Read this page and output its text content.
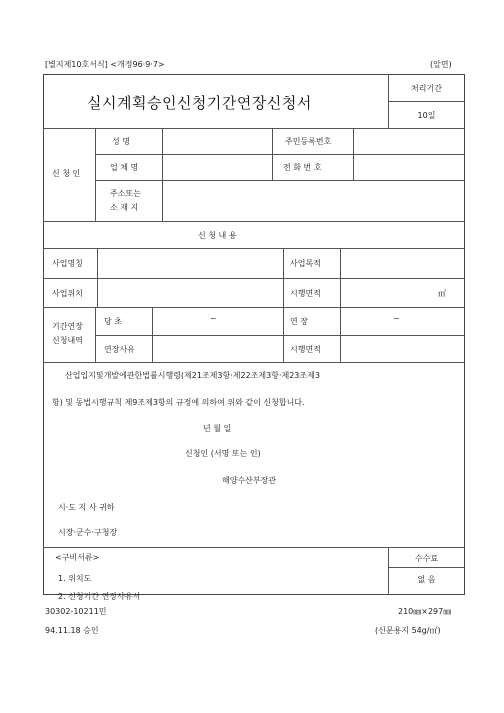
[별지제10호서식] <개정96·9·7>	(앞면)
실시계획승인신청기간연장신청서
처리기간
10일
신 청 인
성 명	주민등록번호
업 체 명	전 화 번 호
주소또는
소 재 지
신 청 내 용
사업명칭	사업목적
사업위치	시행면적	㎡
기간연장
신청내역
당 초	~	연 장	~
연장사유	시행면적
산업입지및개발에관한법률시행령(제21조제3항·제22조제3항·제23조제3
항) 및 동법시행규칙 제9조제3항의 규정에 의하여 위와 같이 신청합니다.
년 월 일
신청인 (서명 또는 인)
해양수산부장관
시·도 지 사 귀하
시장·군수·구청장
<구비서류>
1. 위치도
2. 신청기간 연장사유서
수수료
없 음
30302-10211민
94.11.18 승인
210㎜×297㎜
(신문용지 54g/㎡)
